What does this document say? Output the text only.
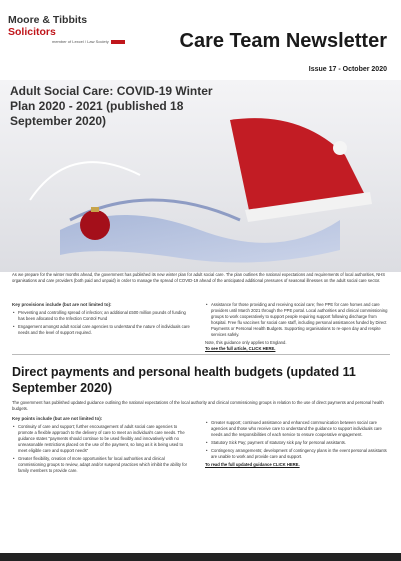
Moore & Tibbits
Solicitors
member of Lexcel / Law Society	Care Team Newsletter
Issue 17 - October 2020
Adult Social Care: COVID-19 Winter Plan 2020 - 2021 (published 18 September 2020)
As we prepare for the winter months ahead, the government has published its new winter plan for adult social care. The plan outlines the national expectations and requirements of local authorities, NHS organisations and care providers (both paid and unpaid) in order to manage the spread of COVID-19 ahead of the anticipated additional pressures of seasonal illnesses on the adult social care sector.
Key provisions include (but are not limited to):
• Preventing and controlling spread of infection; an additional £500 million pounds of funding has been allocated to the Infection Control Fund
• Engagement amongst adult social care agencies to understand the nature of individuals care needs and the level of support required.
• Assistance for those providing and receiving social care; free PPE for care homes and care providers until March 2021 through the PPE portal. Local authorities and clinical commissioning groups to work cooperatively to support people requiring support following discharge from hospital. Free flu vaccines for social care staff, including personal assistances funded by Direct Payments or Personal Health Budgets. Supporting organisations to re-open day and respite services safely.
Note, this guidance only applies to England.
To see the full article, CLICK HERE.
Direct payments and personal health budgets (updated 11 September 2020)
The government has published updated guidance outlining the national expectations of the local authority and clinical commissioning groups in relation to the use of direct payments and personal health budgets.
Key points include (but are not limited to):
• Continuity of care and support; further encouragement of adult social care agencies to promote a flexible approach to the delivery of care to meet an individual's care needs. The guidance states "payments should continue to be used flexibly and innovatively with no unreasonable restrictions placed on the use of the payment, so long as it is being used to meet eligible care and support needs"
• Greater flexibility, creation of more opportunities for local authorities and clinical commissioning groups to review, adapt and/or suspend practices which inhibit the ability for family members to provide care.
• Greater support; continued assistance and enhanced communication between social care agencies and those who receive care to understand the guidance to support individuals care needs and the responsibilities of each service to ensure cooperative engagement.
• Statutory Sick Pay; payment of statutory sick pay for personal assistants.
• Contingency arrangements; development of contingency plans in the event personal assistants are unable to work and provide care and support.
To read the full updated guidance CLICK HERE.
